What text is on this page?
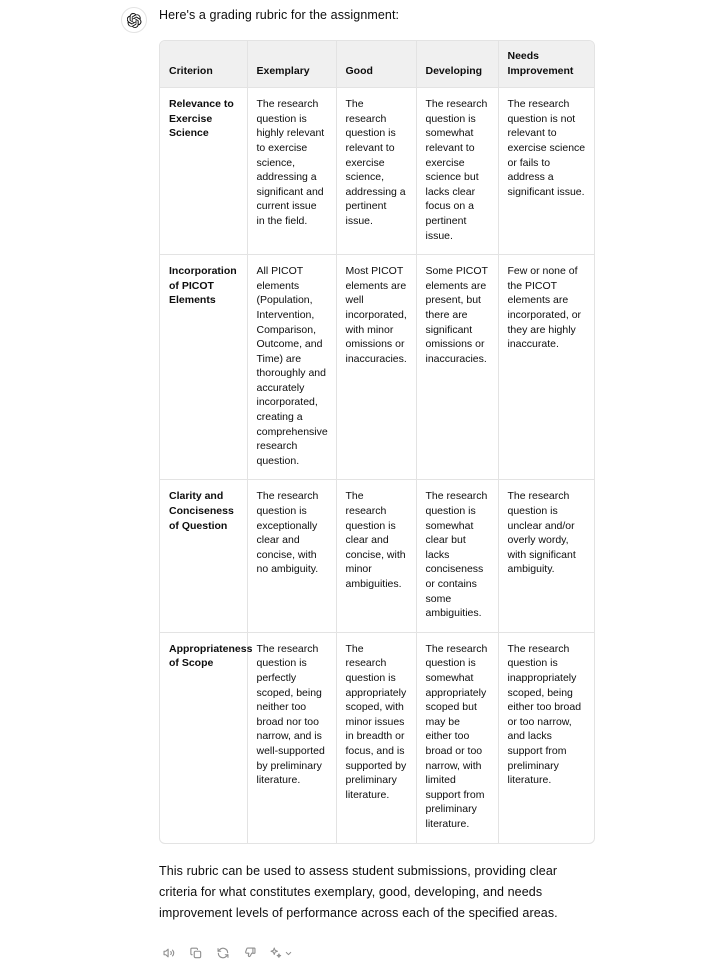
Here's a grading rubric for the assignment:

Criterion	Exemplary	Good	Developing	Needs Improvement
Relevance to Exercise Science	The research question is highly relevant to exercise science, addressing a significant and current issue in the field.	The research question is relevant to exercise science, addressing a pertinent issue.	The research question is somewhat relevant to exercise science but lacks clear focus on a pertinent issue.	The research question is not relevant to exercise science or fails to address a significant issue.
Incorporation of PICOT Elements	All PICOT elements (Population, Intervention, Comparison, Outcome, and Time) are thoroughly and accurately incorporated, creating a comprehensive research question.	Most PICOT elements are well incorporated, with minor omissions or inaccuracies.	Some PICOT elements are present, but there are significant omissions or inaccuracies.	Few or none of the PICOT elements are incorporated, or they are highly inaccurate.
Clarity and Conciseness of Question	The research question is exceptionally clear and concise, with no ambiguity.	The research question is clear and concise, with minor ambiguities.	The research question is somewhat clear but lacks conciseness or contains some ambiguities.	The research question is unclear and/or overly wordy, with significant ambiguity.
Appropriateness of Scope	The research question is perfectly scoped, being neither too broad nor too narrow, and is well-supported by preliminary literature.	The research question is appropriately scoped, with minor issues in breadth or focus, and is supported by preliminary literature.	The research question is somewhat appropriately scoped but may be either too broad or too narrow, with limited support from preliminary literature.	The research question is inappropriately scoped, being either too broad or too narrow, and lacks support from preliminary literature.

This rubric can be used to assess student submissions, providing clear criteria for what constitutes exemplary, good, developing, and needs improvement levels of performance across each of the specified areas.
